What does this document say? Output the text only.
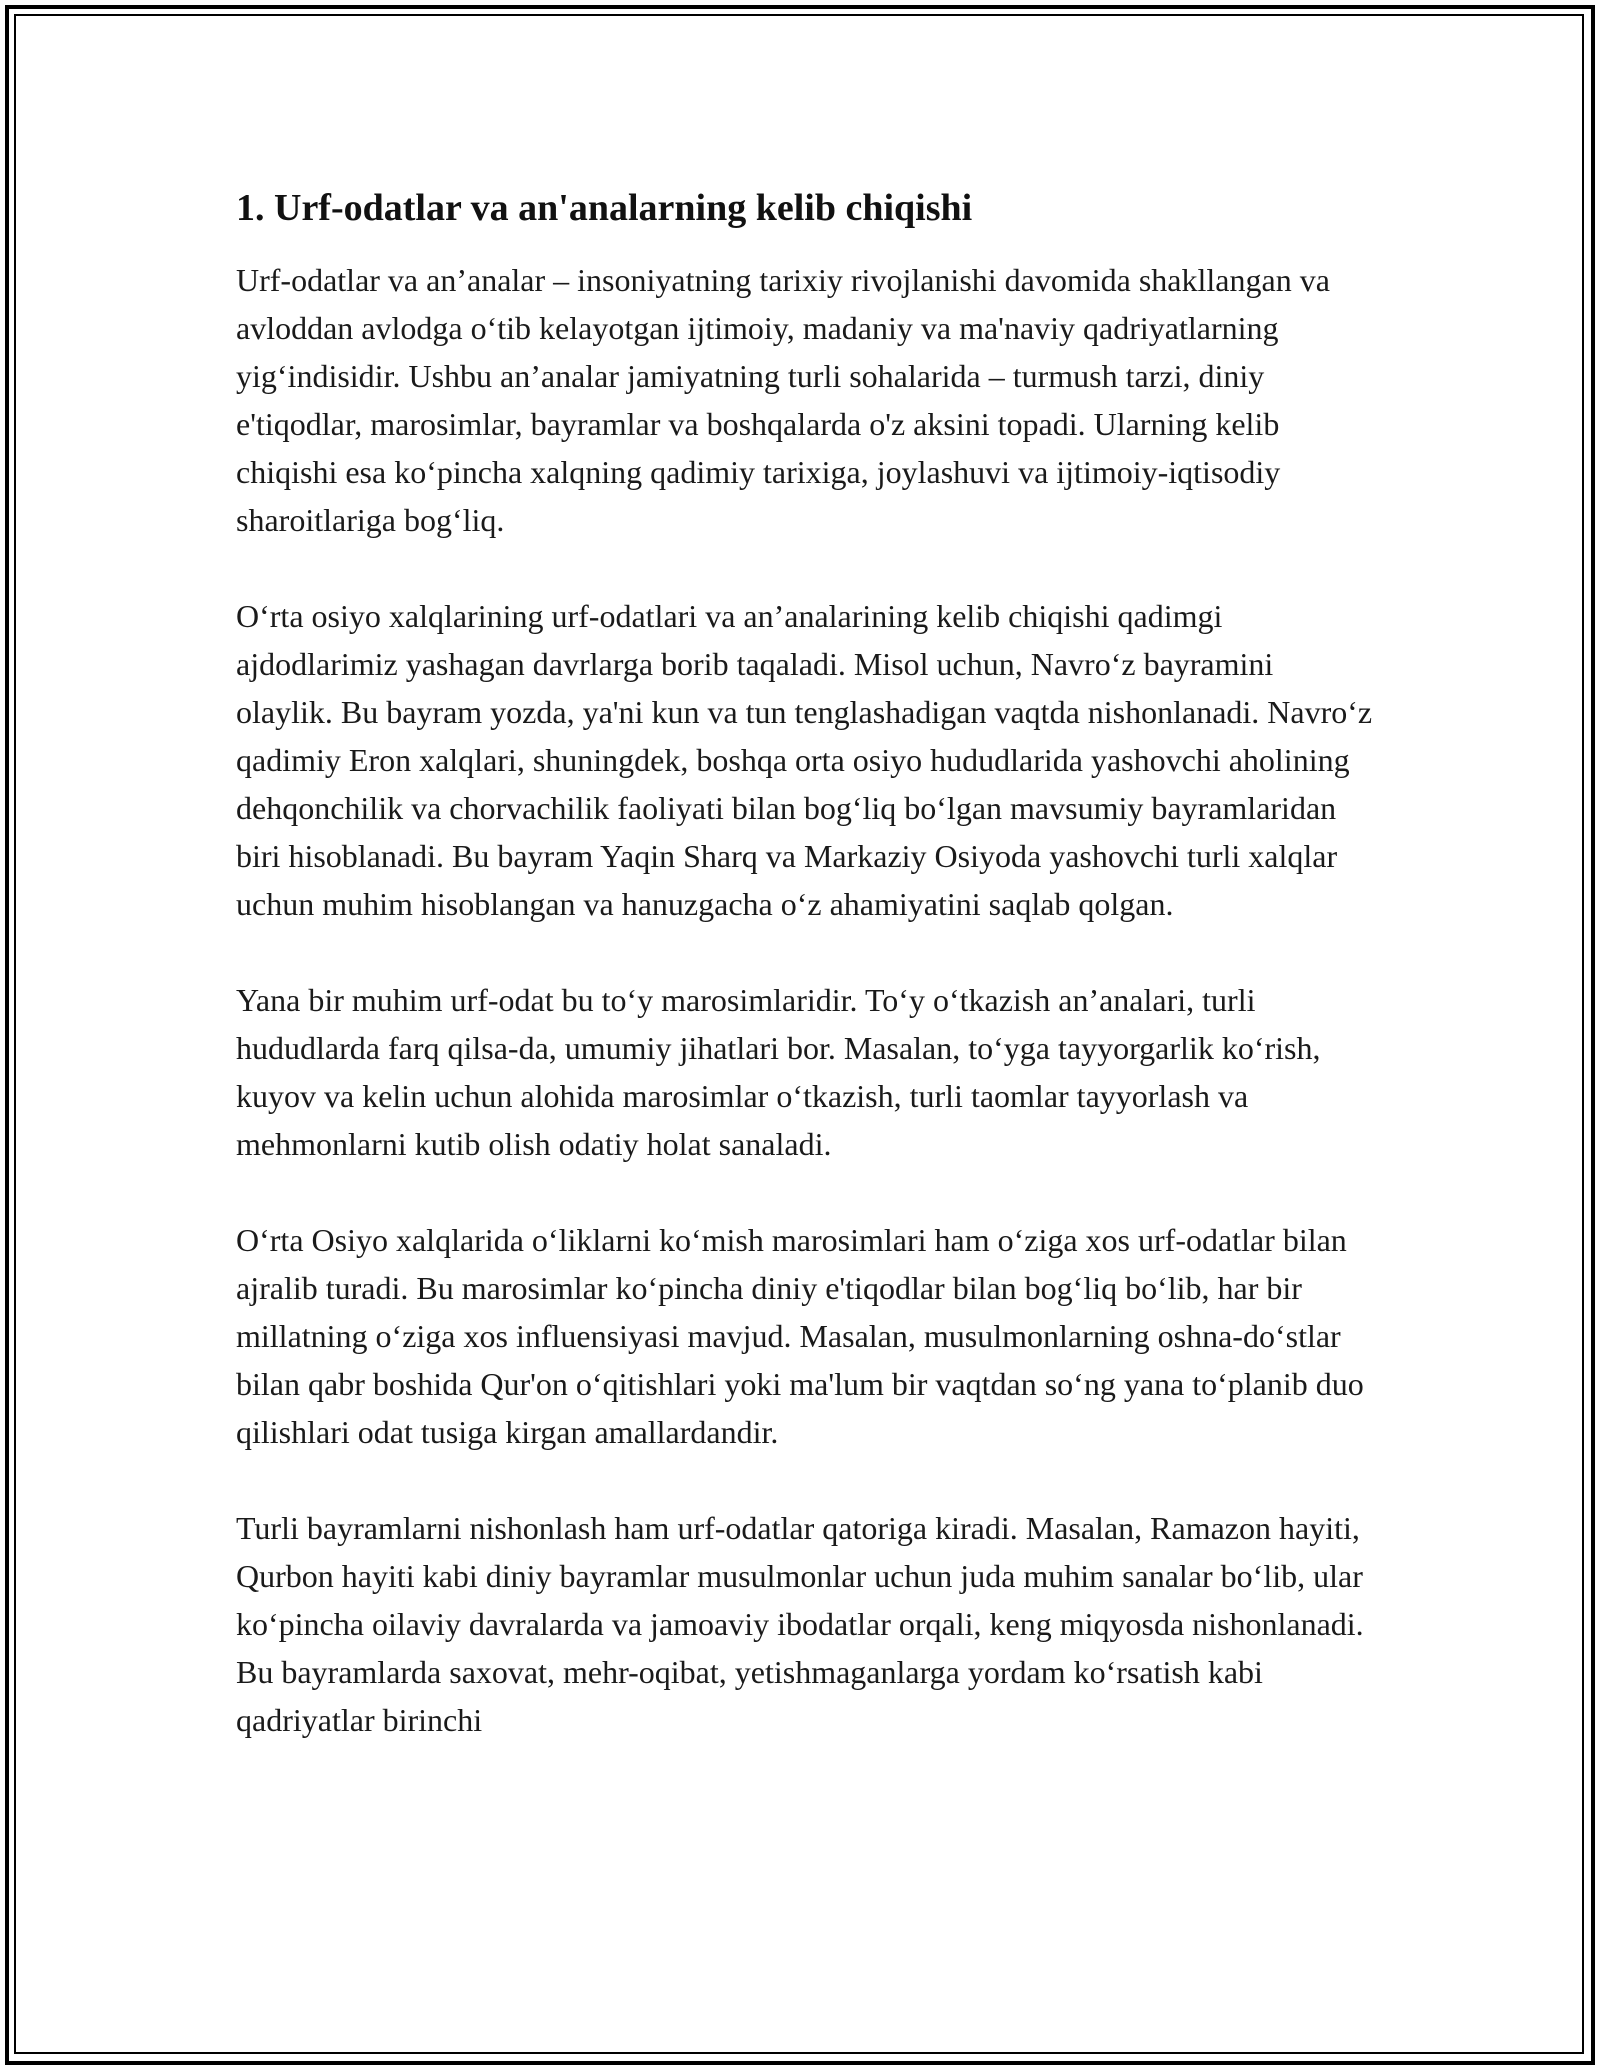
1. Urf-odatlar va an'analarning kelib chiqishi

Urf-odatlar va an’analar – insoniyatning tarixiy rivojlanishi davomida shakllangan va avloddan avlodga o‘tib kelayotgan ijtimoiy, madaniy va ma'naviy qadriyatlarning yig‘indisidir. Ushbu an’analar jamiyatning turli sohalarida – turmush tarzi, diniy e'tiqodlar, marosimlar, bayramlar va boshqalarda o'z aksini topadi. Ularning kelib chiqishi esa ko‘pincha xalqning qadimiy tarixiga, joylashuvi va ijtimoiy-iqtisodiy sharoitlariga bog‘liq.

O‘rta osiyo xalqlarining urf-odatlari va an’analarining kelib chiqishi qadimgi ajdodlarimiz yashagan davrlarga borib taqaladi. Misol uchun, Navro‘z bayramini olaylik. Bu bayram yozda, ya'ni kun va tun tenglashadigan vaqtda nishonlanadi. Navro‘z qadimiy Eron xalqlari, shuningdek, boshqa orta osiyo hududlarida yashovchi aholining dehqonchilik va chorvachilik faoliyati bilan bog‘liq bo‘lgan mavsumiy bayramlaridan biri hisoblanadi. Bu bayram Yaqin Sharq va Markaziy Osiyoda yashovchi turli xalqlar uchun muhim hisoblangan va hanuzgacha o‘z ahamiyatini saqlab qolgan.

Yana bir muhim urf-odat bu to‘y marosimlaridir. To‘y o‘tkazish an’analari, turli hududlarda farq qilsa-da, umumiy jihatlari bor. Masalan, to‘yga tayyorgarlik ko‘rish, kuyov va kelin uchun alohida marosimlar o‘tkazish, turli taomlar tayyorlash va mehmonlarni kutib olish odatiy holat sanaladi.

O‘rta Osiyo xalqlarida o‘liklarni ko‘mish marosimlari ham o‘ziga xos urf-odatlar bilan ajralib turadi. Bu marosimlar ko‘pincha diniy e'tiqodlar bilan bog‘liq bo‘lib, har bir millatning o‘ziga xos influensiyasi mavjud. Masalan, musulmonlarning oshna-do‘stlar bilan qabr boshida Qur'on o‘qitishlari yoki ma'lum bir vaqtdan so‘ng yana to‘planib duo qilishlari odat tusiga kirgan amallardandir.

Turli bayramlarni nishonlash ham urf-odatlar qatoriga kiradi. Masalan, Ramazon hayiti, Qurbon hayiti kabi diniy bayramlar musulmonlar uchun juda muhim sanalar bo‘lib, ular ko‘pincha oilaviy davralarda va jamoaviy ibodatlar orqali, keng miqyosda nishonlanadi. Bu bayramlarda saxovat, mehr-oqibat, yetishmaganlarga yordam ko‘rsatish kabi qadriyatlar birinchi
